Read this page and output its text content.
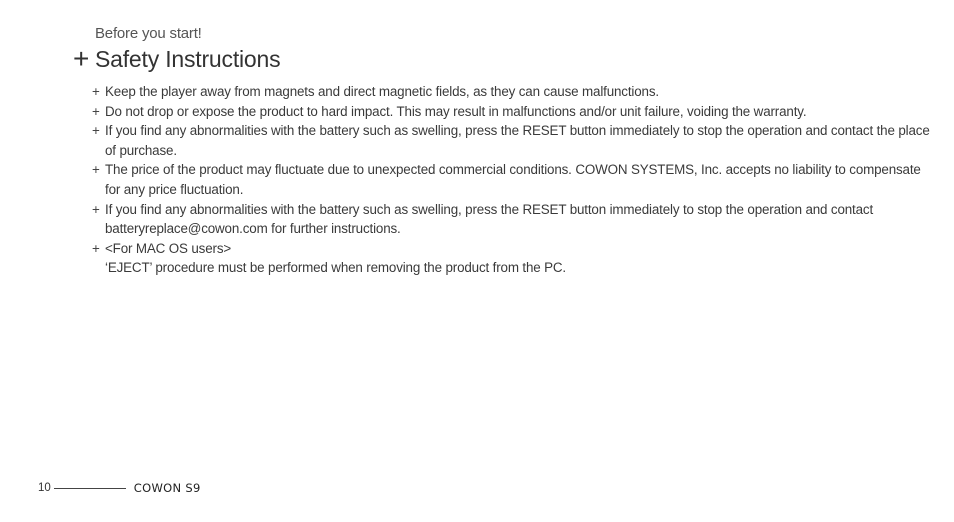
Before you start!
+ Safety Instructions
+ Keep the player away from magnets and direct magnetic fields, as they can cause malfunctions.
+ Do not drop or expose the product to hard impact. This may result in malfunctions and/or unit failure, voiding the warranty.
+ If you find any abnormalities with the battery such as swelling, press the RESET button immediately to stop the operation and contact the place of purchase.
+ The price of the product may fluctuate due to unexpected commercial conditions. COWON SYSTEMS, Inc. accepts no liability to compensate for any price fluctuation.
+ If you find any abnormalities with the battery such as swelling, press the RESET button immediately to stop the operation and contact batteryreplace@cowon.com for further instructions.
+ <For MAC OS users>
‘EJECT’ procedure must be performed when removing the product from the PC.
10	COWON S9
